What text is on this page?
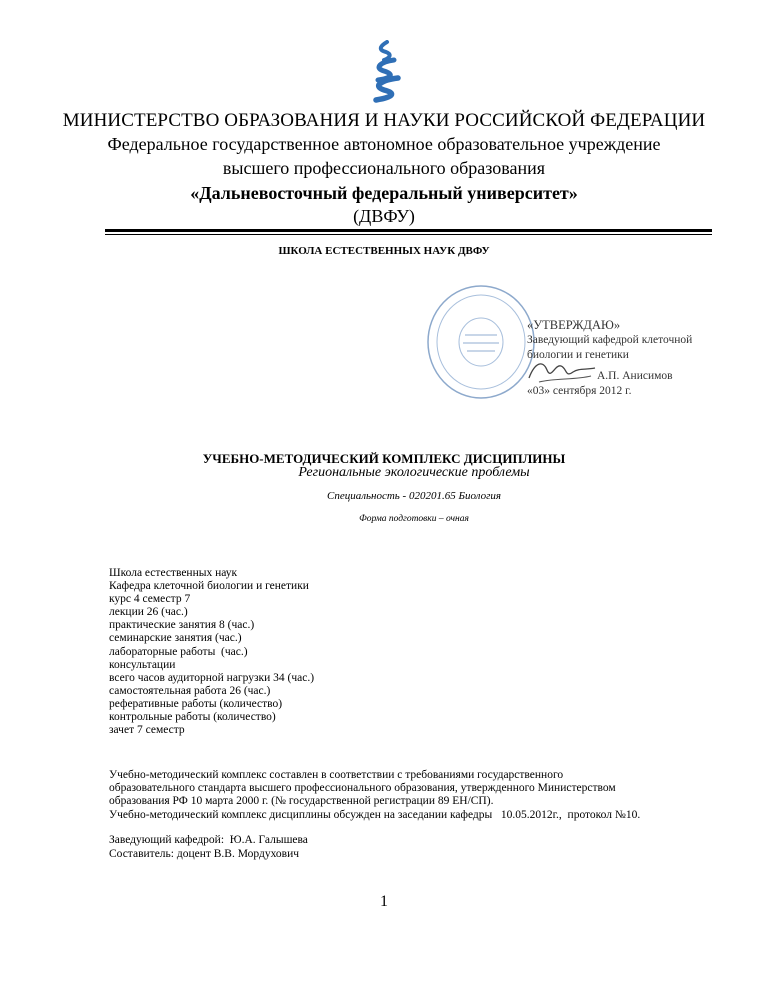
МИНИСТЕРСТВО ОБРАЗОВАНИЯ И НАУКИ РОССИЙСКОЙ ФЕДЕРАЦИИ
Федеральное государственное автономное образовательное учреждение
высшего профессионального образования
«Дальневосточный федеральный университет»
(ДВФУ)
ШКОЛА ЕСТЕСТВЕННЫХ НАУК ДВФУ
«УТВЕРЖДАЮ»
Заведующий кафедрой клеточной
биологии и генетики
А.П. Анисимов
«03» сентября 2012 г.
УЧЕБНО-МЕТОДИЧЕСКИЙ КОМПЛЕКС ДИСЦИПЛИНЫ
Региональные экологические проблемы
Специальность - 020201.65 Биология
Форма подготовки – очная
Школа естественных наук
Кафедра клеточной биологии и генетики
курс 4 семестр 7
лекции 26 (час.)
практические занятия 8 (час.)
семинарские занятия (час.)
лабораторные работы  (час.)
консультации
всего часов аудиторной нагрузки 34 (час.)
самостоятельная работа 26 (час.)
реферативные работы (количество)
контрольные работы (количество)
зачет 7 семестр
Учебно-методический комплекс составлен в соответствии с требованиями государственного
образовательного стандарта высшего профессионального образования, утвержденного Министерством
образования РФ 10 марта 2000 г. (№ государственной регистрации 89 ЕН/СП).
Учебно-методический комплекс дисциплины обсужден на заседании кафедры   10.05.2012г.,  протокол №10.
Заведующий кафедрой:  Ю.А. Галышева
Составитель: доцент В.В. Мордухович
1
